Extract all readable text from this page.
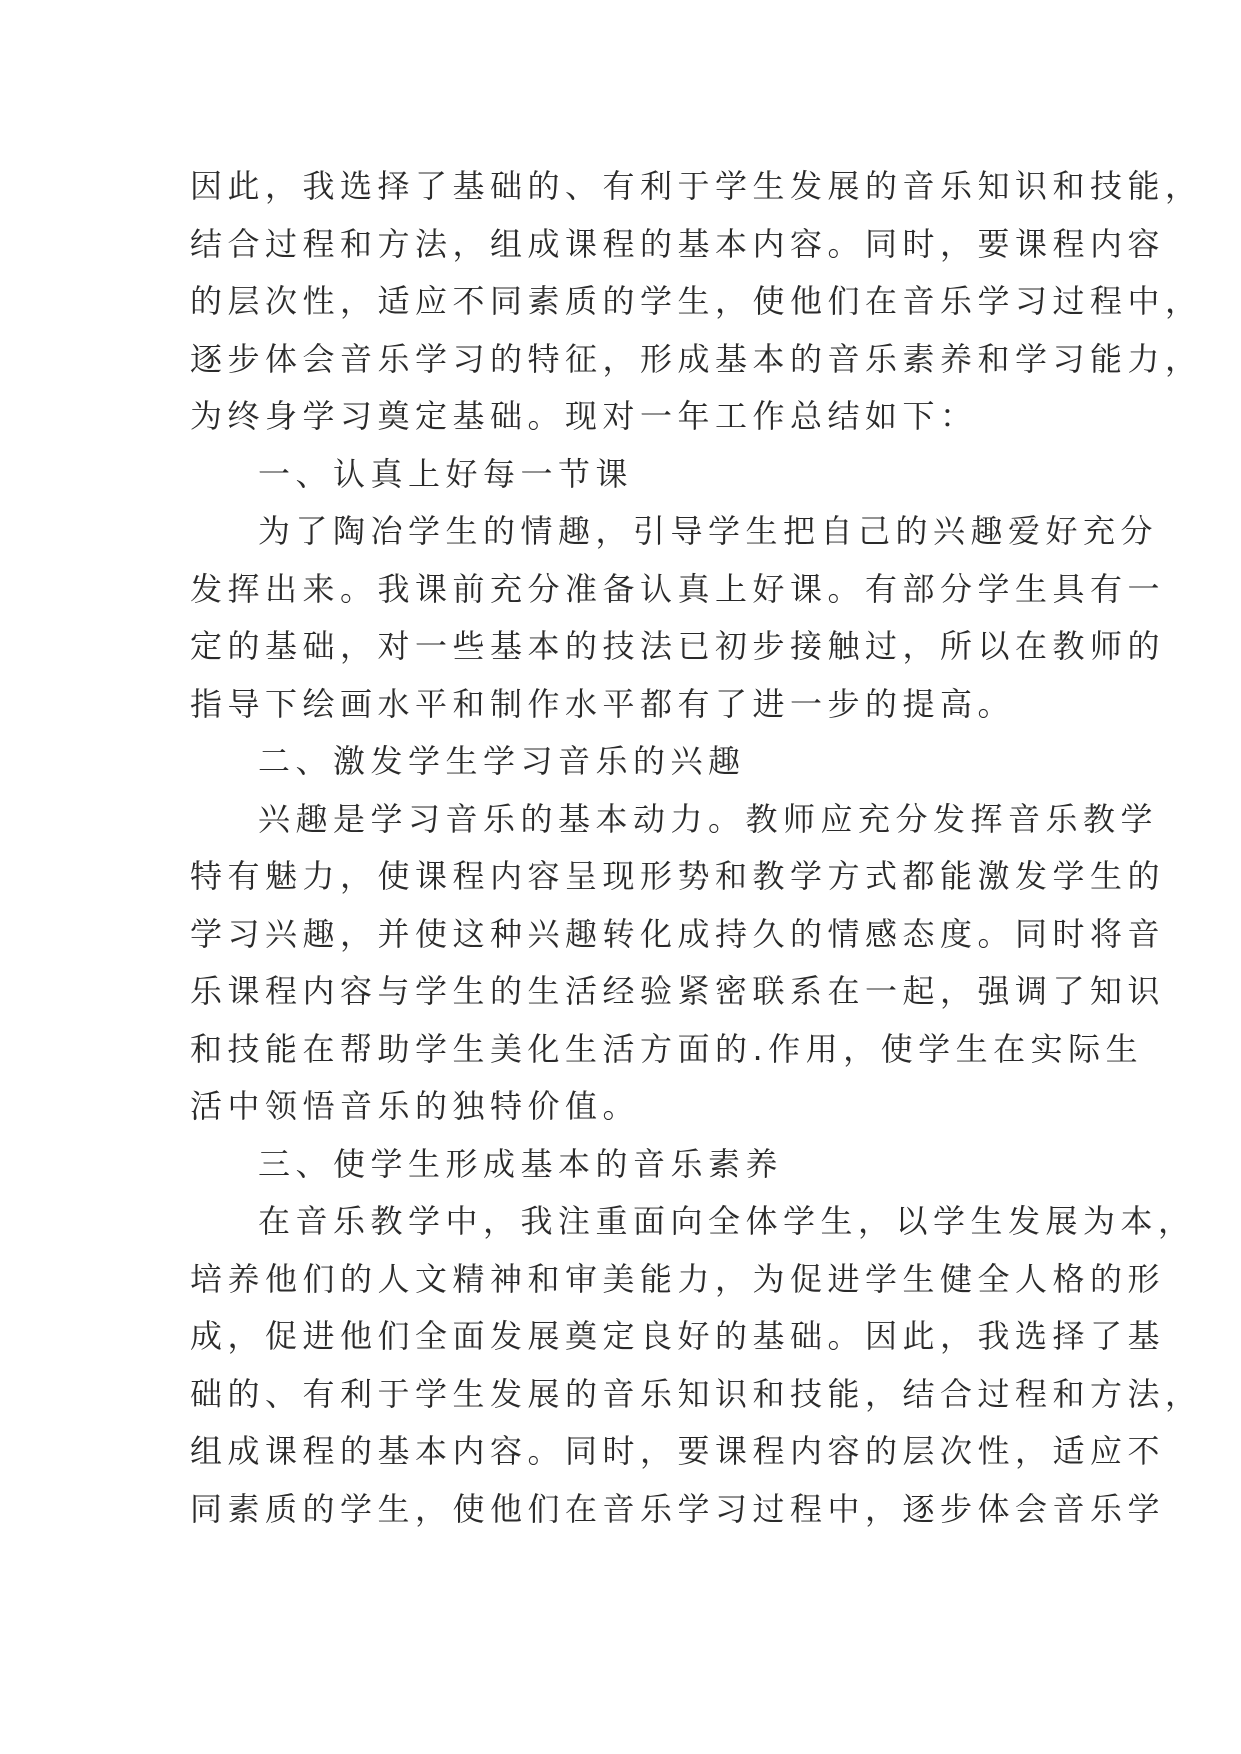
因此，我选择了基础的、有利于学生发展的音乐知识和技能，
结合过程和方法，组成课程的基本内容。同时，要课程内容
的层次性，适应不同素质的学生，使他们在音乐学习过程中，
逐步体会音乐学习的特征，形成基本的音乐素养和学习能力，
为终身学习奠定基础。现对一年工作总结如下：
一、认真上好每一节课
为了陶冶学生的情趣，引导学生把自己的兴趣爱好充分
发挥出来。我课前充分准备认真上好课。有部分学生具有一
定的基础，对一些基本的技法已初步接触过，所以在教师的
指导下绘画水平和制作水平都有了进一步的提高。
二、激发学生学习音乐的兴趣
兴趣是学习音乐的基本动力。教师应充分发挥音乐教学
特有魅力，使课程内容呈现形势和教学方式都能激发学生的
学习兴趣，并使这种兴趣转化成持久的情感态度。同时将音
乐课程内容与学生的生活经验紧密联系在一起，强调了知识
和技能在帮助学生美化生活方面的.作用，使学生在实际生
活中领悟音乐的独特价值。
三、使学生形成基本的音乐素养
在音乐教学中，我注重面向全体学生，以学生发展为本，
培养他们的人文精神和审美能力，为促进学生健全人格的形
成，促进他们全面发展奠定良好的基础。因此，我选择了基
础的、有利于学生发展的音乐知识和技能，结合过程和方法，
组成课程的基本内容。同时，要课程内容的层次性，适应不
同素质的学生，使他们在音乐学习过程中，逐步体会音乐学
